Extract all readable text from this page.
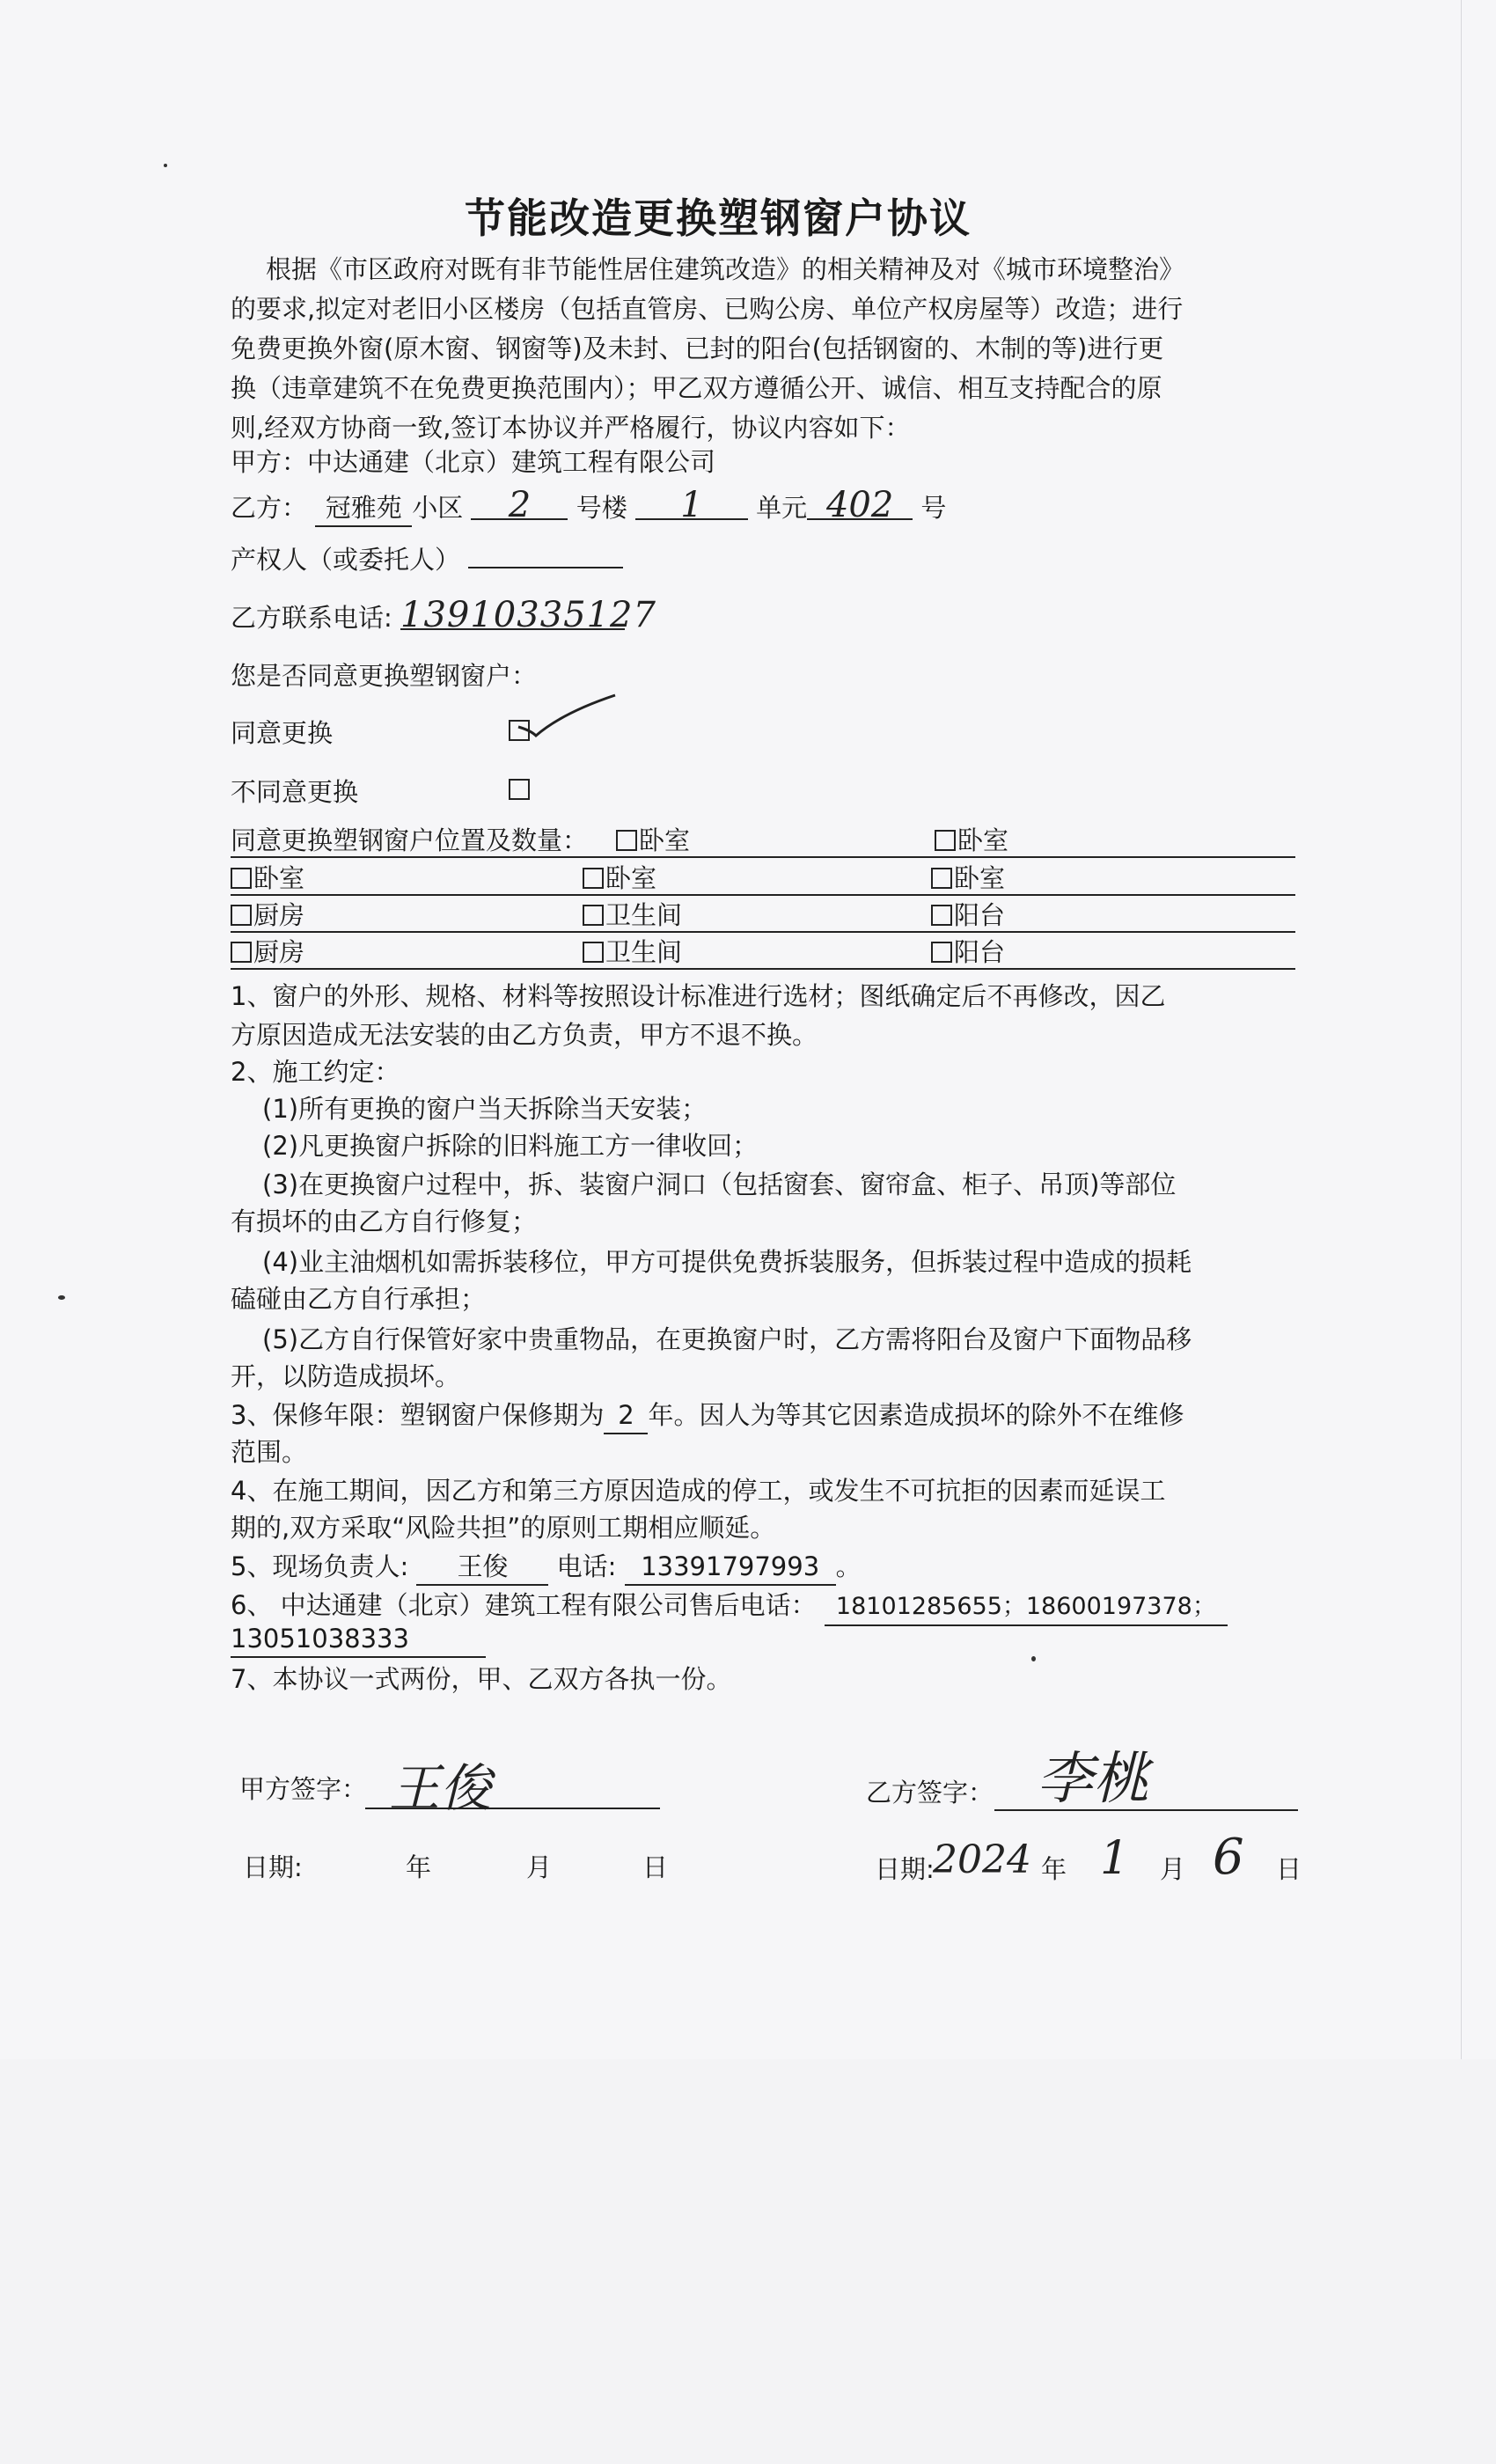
节能改造更换塑钢窗户协议
根据《市区政府对既有非节能性居住建筑改造》的相关精神及对《城市环境整治》
的要求,拟定对老旧小区楼房（包括直管房、已购公房、单位产权房屋等）改造；进行
免费更换外窗(原木窗、钢窗等)及未封、已封的阳台(包括钢窗的、木制的等)进行更
换（违章建筑不在免费更换范围内）；甲乙双方遵循公开、诚信、相互支持配合的原
则,经双方协商一致,签订本协议并严格履行，协议内容如下：
甲方：中达通建（北京）建筑工程有限公司
乙方： 冠雅苑 小区 2 号楼 1 单元 402 号
产权人（或委托人）
乙方联系电话: 13910335127
您是否同意更换塑钢窗户：
同意更换
不同意更换
同意更换塑钢窗户位置及数量：	卧室	卧室
卧室	卧室	卧室
厨房	卫生间	阳台
厨房	卫生间	阳台
1、窗户的外形、规格、材料等按照设计标准进行选材；图纸确定后不再修改，因乙
方原因造成无法安装的由乙方负责，甲方不退不换。
2、施工约定：
(1)所有更换的窗户当天拆除当天安装；
(2)凡更换窗户拆除的旧料施工方一律收回；
(3)在更换窗户过程中，拆、装窗户洞口（包括窗套、窗帘盒、柜子、吊顶)等部位
有损坏的由乙方自行修复；
(4)业主油烟机如需拆装移位，甲方可提供免费拆装服务，但拆装过程中造成的损耗
磕碰由乙方自行承担；
(5)乙方自行保管好家中贵重物品，在更换窗户时，乙方需将阳台及窗户下面物品移
开，以防造成损坏。
3、保修年限：塑钢窗户保修期为 2 年。因人为等其它因素造成损坏的除外不在维修
范围。
4、在施工期间，因乙方和第三方原因造成的停工，或发生不可抗拒的因素而延误工
期的,双方采取“风险共担”的原则工期相应顺延。
5、现场负责人: 王俊 电话: 13391797993 。
6、 中达通建（北京）建筑工程有限公司售后电话： 18101285655；18600197378；
13051038333
7、本协议一式两份，甲、乙双方各执一份。
甲方签字： 王俊	乙方签字： 李桃
日期:	年	月	日	日期:
2024 年 1 月 6 日
